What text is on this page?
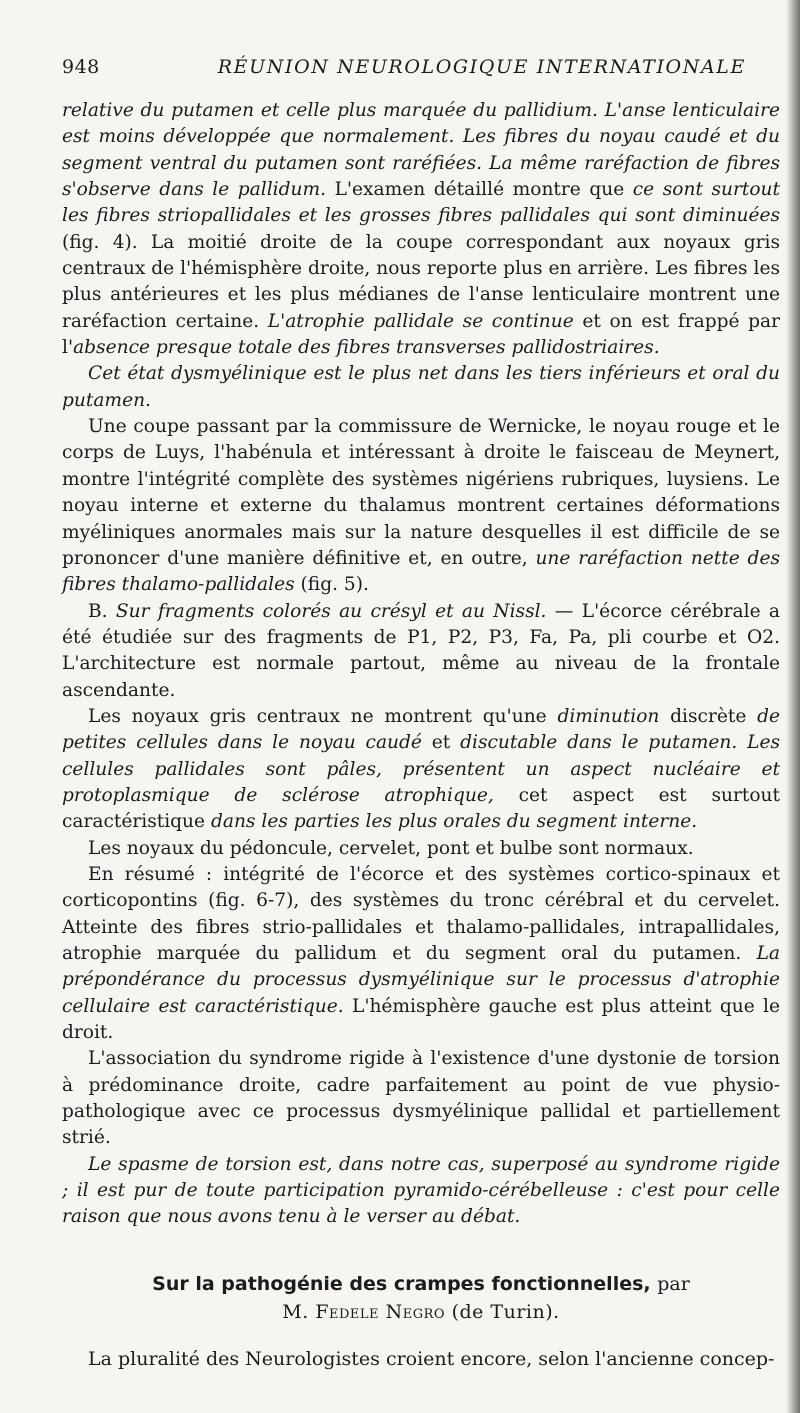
948	RÉUNION NEUROLOGIQUE INTERNATIONALE

relative du putamen et celle plus marquée du pallidium. L'anse lenticulaire est moins développée que normalement. Les fibres du noyau caudé et du segment ventral du putamen sont raréfiées. La même raréfaction de fibres s'observe dans le pallidum. L'examen détaillé montre que ce sont surtout les fibres striopallidales et les grosses fibres pallidales qui sont diminuées (fig. 4). La moitié droite de la coupe correspondant aux noyaux gris centraux de l'hémisphère droite, nous reporte plus en arrière. Les fibres les plus antérieures et les plus médianes de l'anse lenticulaire montrent une raréfaction certaine. L'atrophie pallidale se continue et on est frappé par l'absence presque totale des fibres transverses pallidostriaires.

Cet état dysmyélinique est le plus net dans les tiers inférieurs et oral du putamen.

Une coupe passant par la commissure de Wernicke, le noyau rouge et le corps de Luys, l'habénula et intéressant à droite le faisceau de Meynert, montre l'intégrité complète des systèmes nigériens rubriques, luysiens. Le noyau interne et externe du thalamus montrent certaines déformations myéliniques anormales mais sur la nature desquelles il est difficile de se prononcer d'une manière définitive et, en outre, une raréfaction nette des fibres thalamo-pallidales (fig. 5).

B. Sur fragments colorés au crésyl et au Nissl. — L'écorce cérébrale a été étudiée sur des fragments de P1, P2, P3, Fa, Pa, pli courbe et O2. L'architecture est normale partout, même au niveau de la frontale ascendante.

Les noyaux gris centraux ne montrent qu'une diminution discrète de petites cellules dans le noyau caudé et discutable dans le putamen. Les cellules pallidales sont pâles, présentent un aspect nucléaire et protoplasmique de sclérose atrophique, cet aspect est surtout caractéristique dans les parties les plus orales du segment interne.

Les noyaux du pédoncule, cervelet, pont et bulbe sont normaux.

En résumé : intégrité de l'écorce et des systèmes cortico-spinaux et corticopontins (fig. 6-7), des systèmes du tronc cérébral et du cervelet. Atteinte des fibres strio-pallidales et thalamo-pallidales, intrapallidales, atrophie marquée du pallidum et du segment oral du putamen. La prépondérance du processus dysmyélinique sur le processus d'atrophie cellulaire est caractéristique. L'hémisphère gauche est plus atteint que le droit.

L'association du syndrome rigide à l'existence d'une dystonie de torsion à prédominance droite, cadre parfaitement au point de vue physio-pathologique avec ce processus dysmyélinique pallidal et partiellement strié.

Le spasme de torsion est, dans notre cas, superposé au syndrome rigide ; il est pur de toute participation pyramido-cérébelleuse : c'est pour celle raison que nous avons tenu à le verser au débat.

Sur la pathogénie des crampes fonctionnelles, par
M. Fedele Negro (de Turin).

La pluralité des Neurologistes croient encore, selon l'ancienne concep-
